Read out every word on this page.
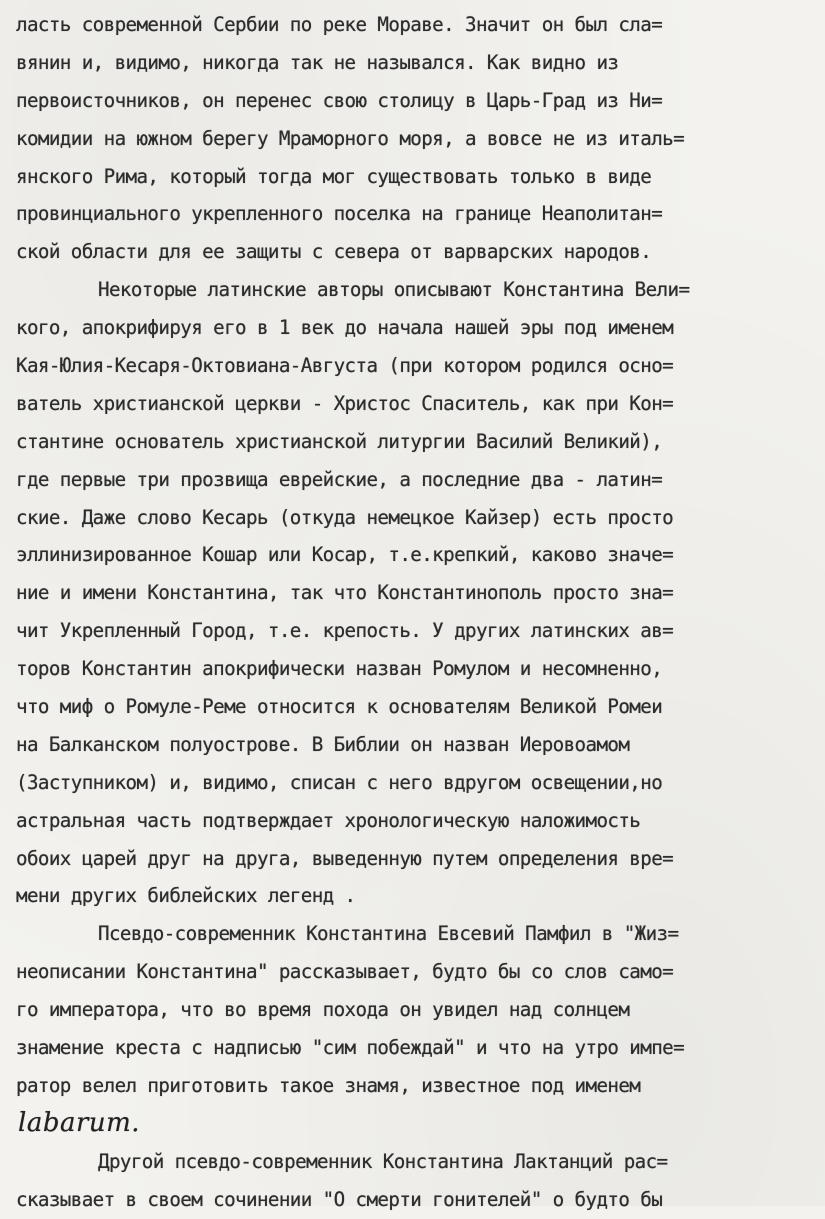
ласть современной Сербии по реке Мораве. Значит он был сла=
вянин и, видимо, никогда так не назывался. Как видно из
первоисточников, он перенес свою столицу в Царь-Град из Ни=
комидии на южном берегу Мраморного моря, а вовсе не из италь=
янского Рима, который тогда мог существовать только в виде
провинциального укрепленного поселка на границе Неаполитан=
ской области для ее защиты с севера от варварских народов.
Некоторые латинские авторы описывают Константина Вели=
кого, апокрифируя его в 1 век до начала нашей эры под именем
Кая-Юлия-Кесаря-Октовиана-Августа (при котором родился осно=
ватель христианской церкви - Христос Спаситель, как при Кон=
стантине основатель христианской литургии Василий Великий),
где первые три прозвища еврейские, а последние два - латин=
ские. Даже слово Кесарь (откуда немецкое Кайзер) есть просто
эллинизированное Кошар или Косар, т.е.крепкий, каково значе=
ние и имени Константина, так что Константинополь просто зна=
чит Укрепленный Город, т.е. крепость. У других латинских ав=
торов Константин апокрифически назван Ромулом и несомненно,
что миф о Ромуле-Реме относится к основателям Великой Ромеи
на Балканском полуострове. В Библии он назван Иеровоамом
(Заступником) и, видимо, списан с него вдругом освещении,но
астральная часть подтверждает хронологическую наложимость
обоих царей друг на друга, выведенную путем определения вре=
мени других библейских легенд .
Псевдо-современник Константина Евсевий Памфил в "Жиз=
неописании Константина" рассказывает, будто бы со слов само=
го императора, что во время похода он увидел над солнцем
знамение креста с надписью "сим побеждай" и что на утро импе=
ратор велел приготовить такое знамя, известное под именем
labarum.
Другой псевдо-современник Константина Лактанций рас=
сказывает в своем сочинении "О смерти гонителей" о будто бы
